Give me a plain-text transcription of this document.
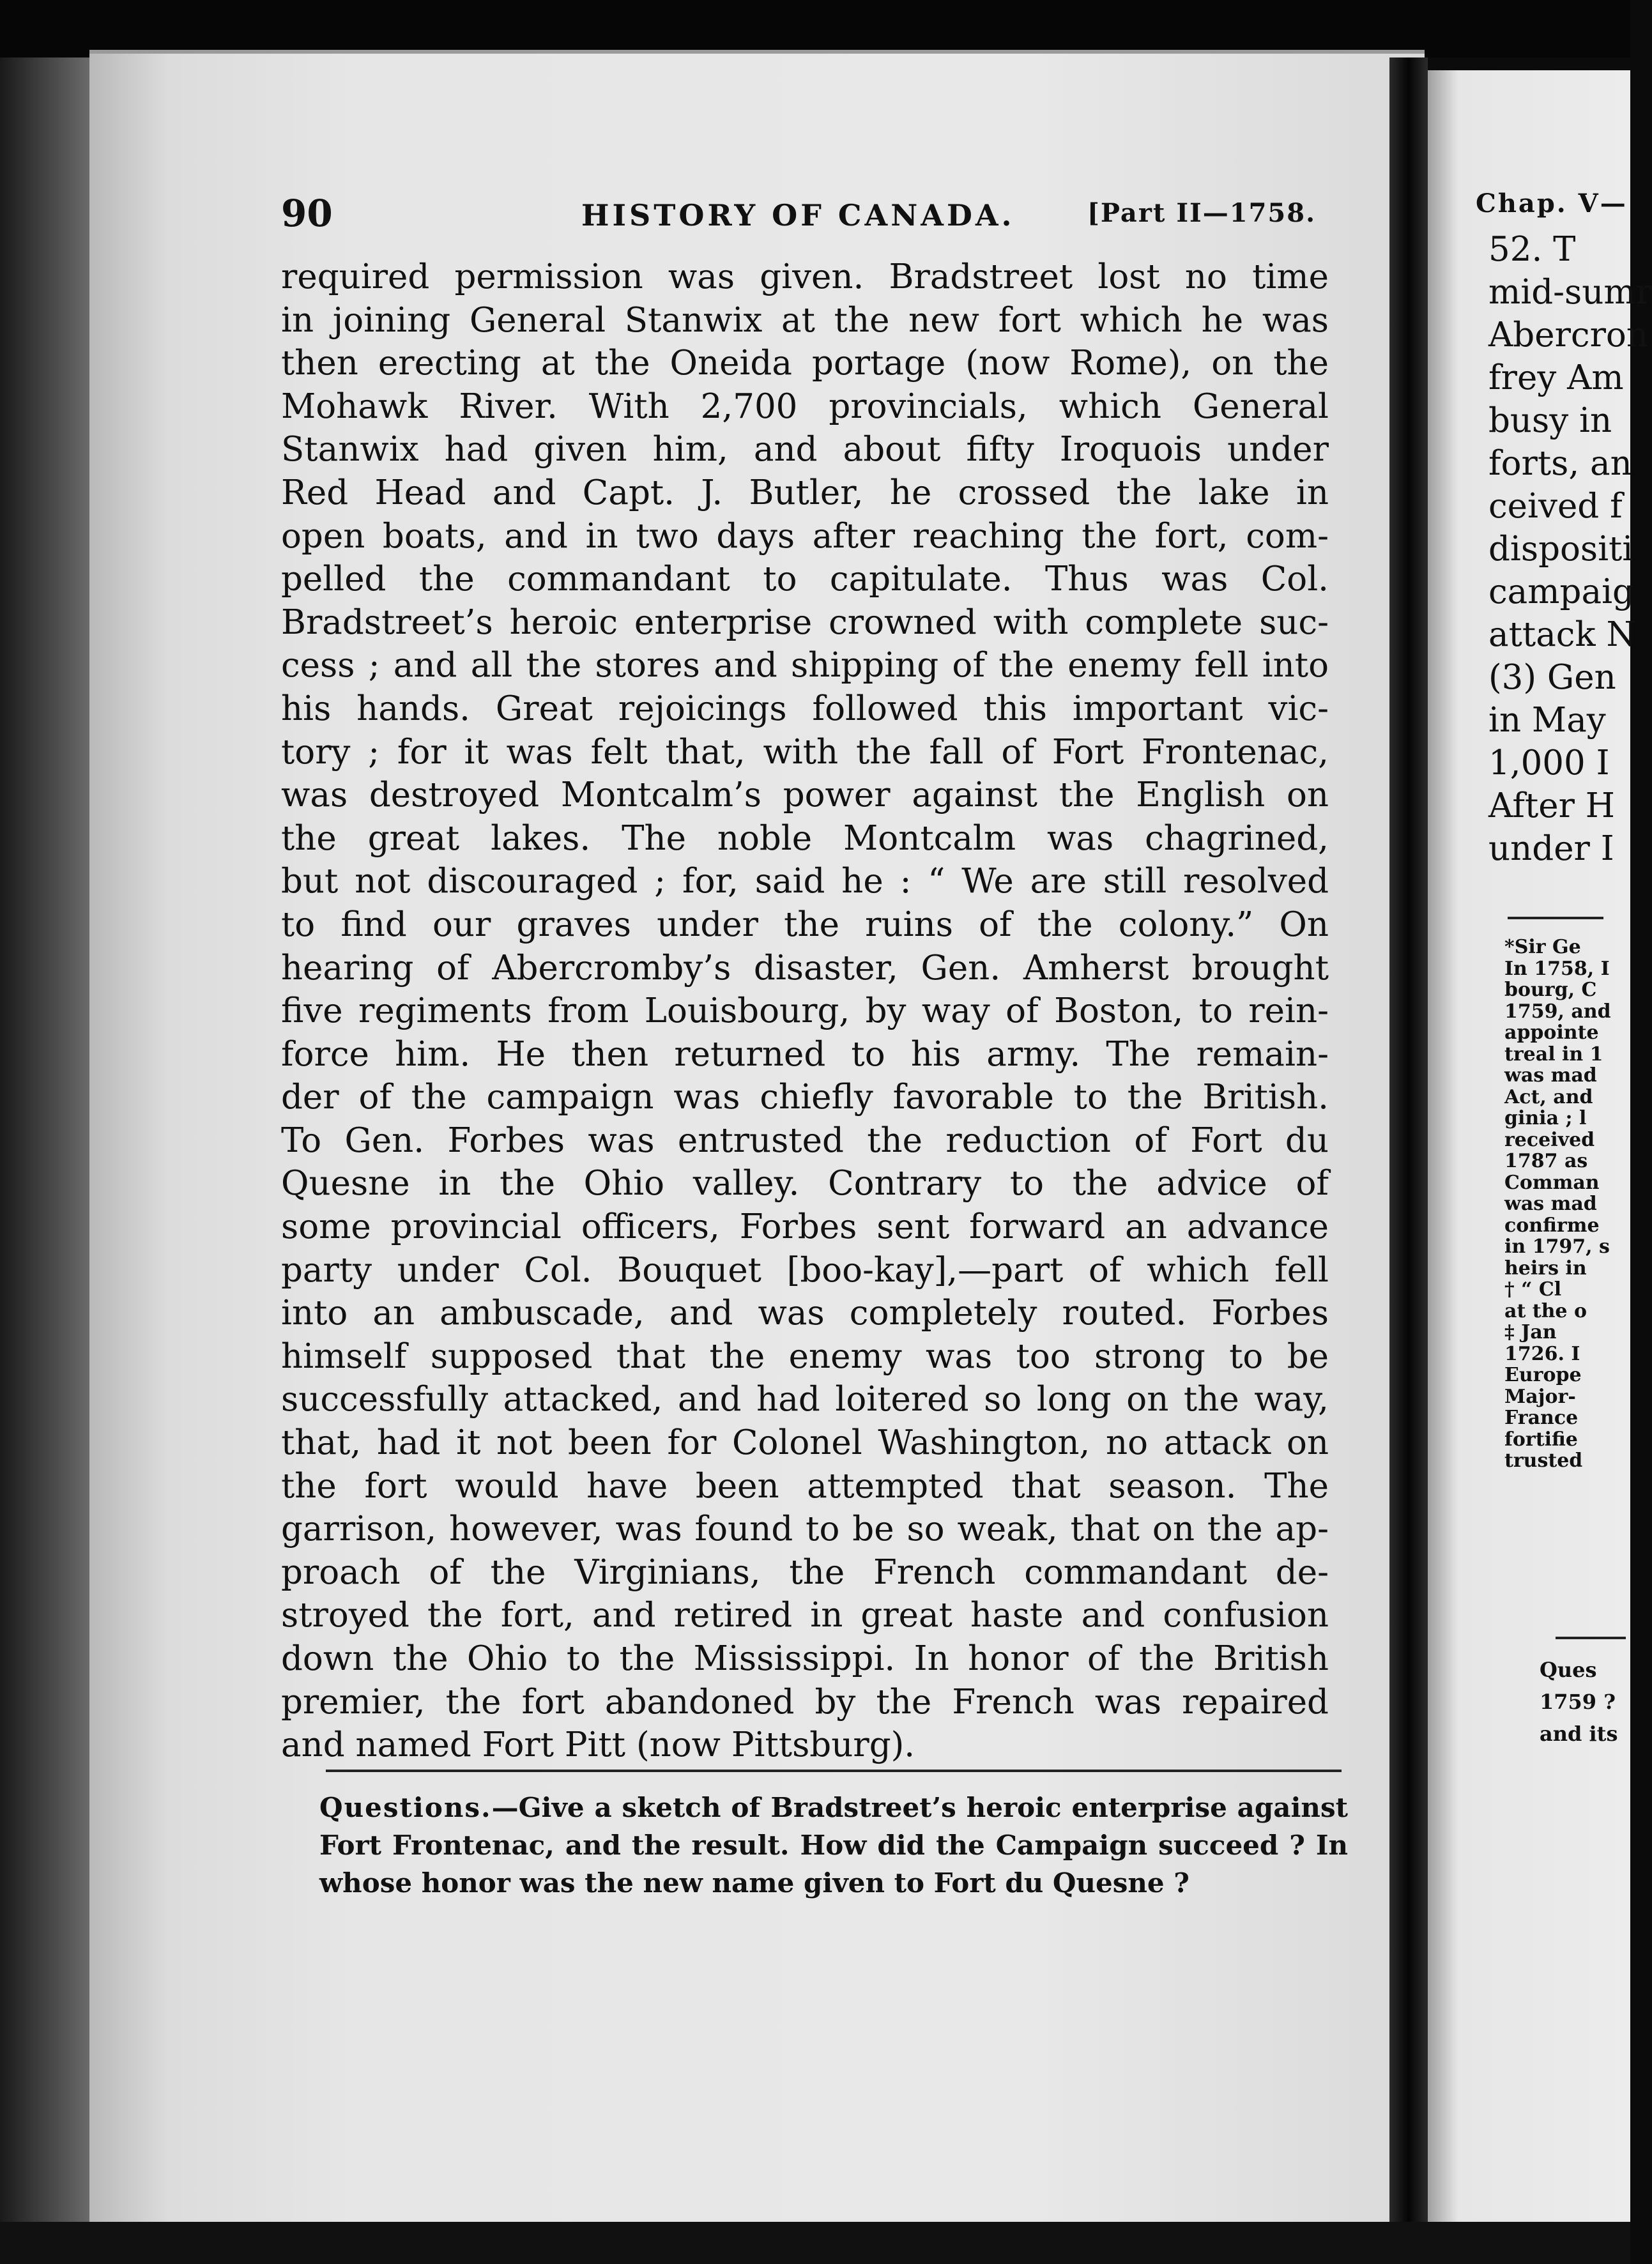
90	HISTORY OF CANADA.	[Part II—1758.
required permission was given. Bradstreet lost no time
in joining General Stanwix at the new fort which he was
then erecting at the Oneida portage (now Rome), on the
Mohawk River. With 2,700 provincials, which General
Stanwix had given him, and about fifty Iroquois under
Red Head and Capt. J. Butler, he crossed the lake in
open boats, and in two days after reaching the fort, com-
pelled the commandant to capitulate. Thus was Col.
Bradstreet’s heroic enterprise crowned with complete suc-
cess ; and all the stores and shipping of the enemy fell into
his hands. Great rejoicings followed this important vic-
tory ; for it was felt that, with the fall of Fort Frontenac,
was destroyed Montcalm’s power against the English on
the great lakes. The noble Montcalm was chagrined,
but not discouraged ; for, said he : “ We are still resolved
to find our graves under the ruins of the colony.” On
hearing of Abercromby’s disaster, Gen. Amherst brought
five regiments from Louisbourg, by way of Boston, to rein-
force him. He then returned to his army. The remain-
der of the campaign was chiefly favorable to the British.
To Gen. Forbes was entrusted the reduction of Fort du
Quesne in the Ohio valley. Contrary to the advice of
some provincial officers, Forbes sent forward an advance
party under Col. Bouquet [boo-kay],—part of which fell
into an ambuscade, and was completely routed. Forbes
himself supposed that the enemy was too strong to be
successfully attacked, and had loitered so long on the way,
that, had it not been for Colonel Washington, no attack on
the fort would have been attempted that season. The
garrison, however, was found to be so weak, that on the ap-
proach of the Virginians, the French commandant de-
stroyed the fort, and retired in great haste and confusion
down the Ohio to the Mississippi. In honor of the British
premier, the fort abandoned by the French was repaired
and named Fort Pitt (now Pittsburg).
Questions.—Give a sketch of Bradstreet’s heroic enterprise against
Fort Frontenac, and the result. How did the Campaign succeed ? In
whose honor was the new name given to Fort du Quesne ?
Chap. V—
52. T
mid-sumr
Abercron
frey Am
busy in
forts, an
ceived f
dispositi
campaig
attack N
(3) Gen
in May
1,000 I
After H
under I
*Sir Ge
In 1758, I
bourg, C
1759, and
appointe
treal in 1
was mad
Act, and
ginia ; l
received
1787 as
Comman
was mad
confirme
in 1797, s
heirs in
† “ Cl
at the o
‡ Jan
1726. I
Europe
Major-
France
fortifie
trusted
Ques
1759 ?
and its
